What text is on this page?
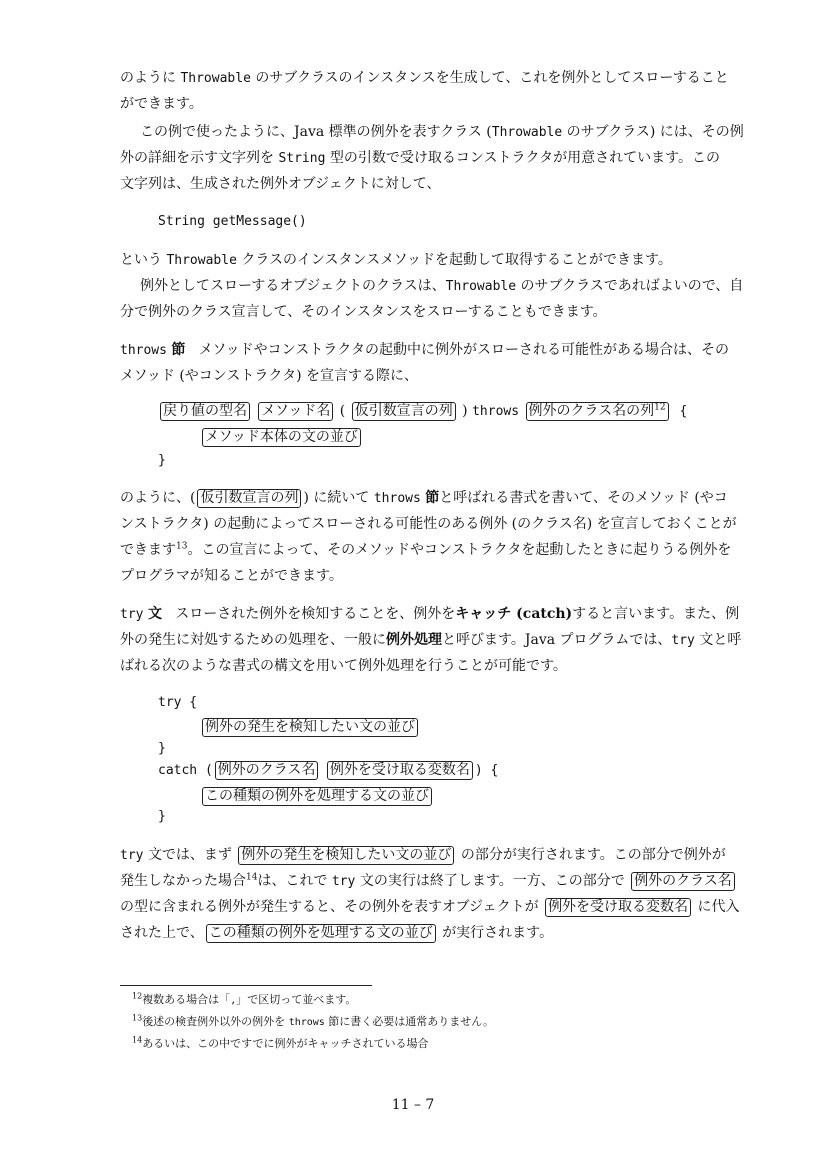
のように Throwable のサブクラスのインスタンスを生成して、これを例外としてスローすること
ができます。
この例で使ったように、Java 標準の例外を表すクラス (Throwable のサブクラス) には、その例
外の詳細を示す文字列を String 型の引数で受け取るコンストラクタが用意されています。この
文字列は、生成された例外オブジェクトに対して、
String getMessage()
という Throwable クラスのインスタンスメソッドを起動して取得することができます。
例外としてスローするオブジェクトのクラスは、Throwable のサブクラスであればよいので、自
分で例外のクラス宣言して、そのインスタンスをスローすることもできます。
throws 節 メソッドやコンストラクタの起動中に例外がスローされる可能性がある場合は、その
メソッド (やコンストラクタ) を宣言する際に、
戻り値の型名 メソッド名 ( 仮引数宣言の列 ) throws 例外のクラス名の列$^{12}$ {
メソッド本体の文の並び
}
のように、( 仮引数宣言の列 ) に続いて throws 節と呼ばれる書式を書いて、そのメソッド (やコ
ンストラクタ) の起動によってスローされる可能性のある例外 (のクラス名) を宣言しておくことが
できます$^{13}$。この宣言によって、そのメソッドやコンストラクタを起動したときに起りうる例外を
プログラマが知ることができます。
try 文 スローされた例外を検知することを、例外をキャッチ (catch)すると言います。また、例
外の発生に対処するための処理を、一般に例外処理と呼びます。Java プログラムでは、try 文と呼
ばれる次のような書式の構文を用いて例外処理を行うことが可能です。
try {
例外の発生を検知したい文の並び
}
catch ( 例外のクラス名 例外を受け取る変数名 ) {
この種類の例外を処理する文の並び
}
try 文では、まず 例外の発生を検知したい文の並び の部分が実行されます。この部分で例外が
発生しなかった場合$^{14}$は、これで try 文の実行は終了します。一方、この部分で 例外のクラス名
の型に含まれる例外が発生すると、その例外を表すオブジェクトが 例外を受け取る変数名 に代入
された上で、 この種類の例外を処理する文の並び が実行されます。
$^{12}$複数ある場合は「,」で区切って並べます。
$^{13}$後述の検査例外以外の例外を throws 節に書く必要は通常ありません。
$^{14}$あるいは、この中ですでに例外がキャッチされている場合
11 – 7
